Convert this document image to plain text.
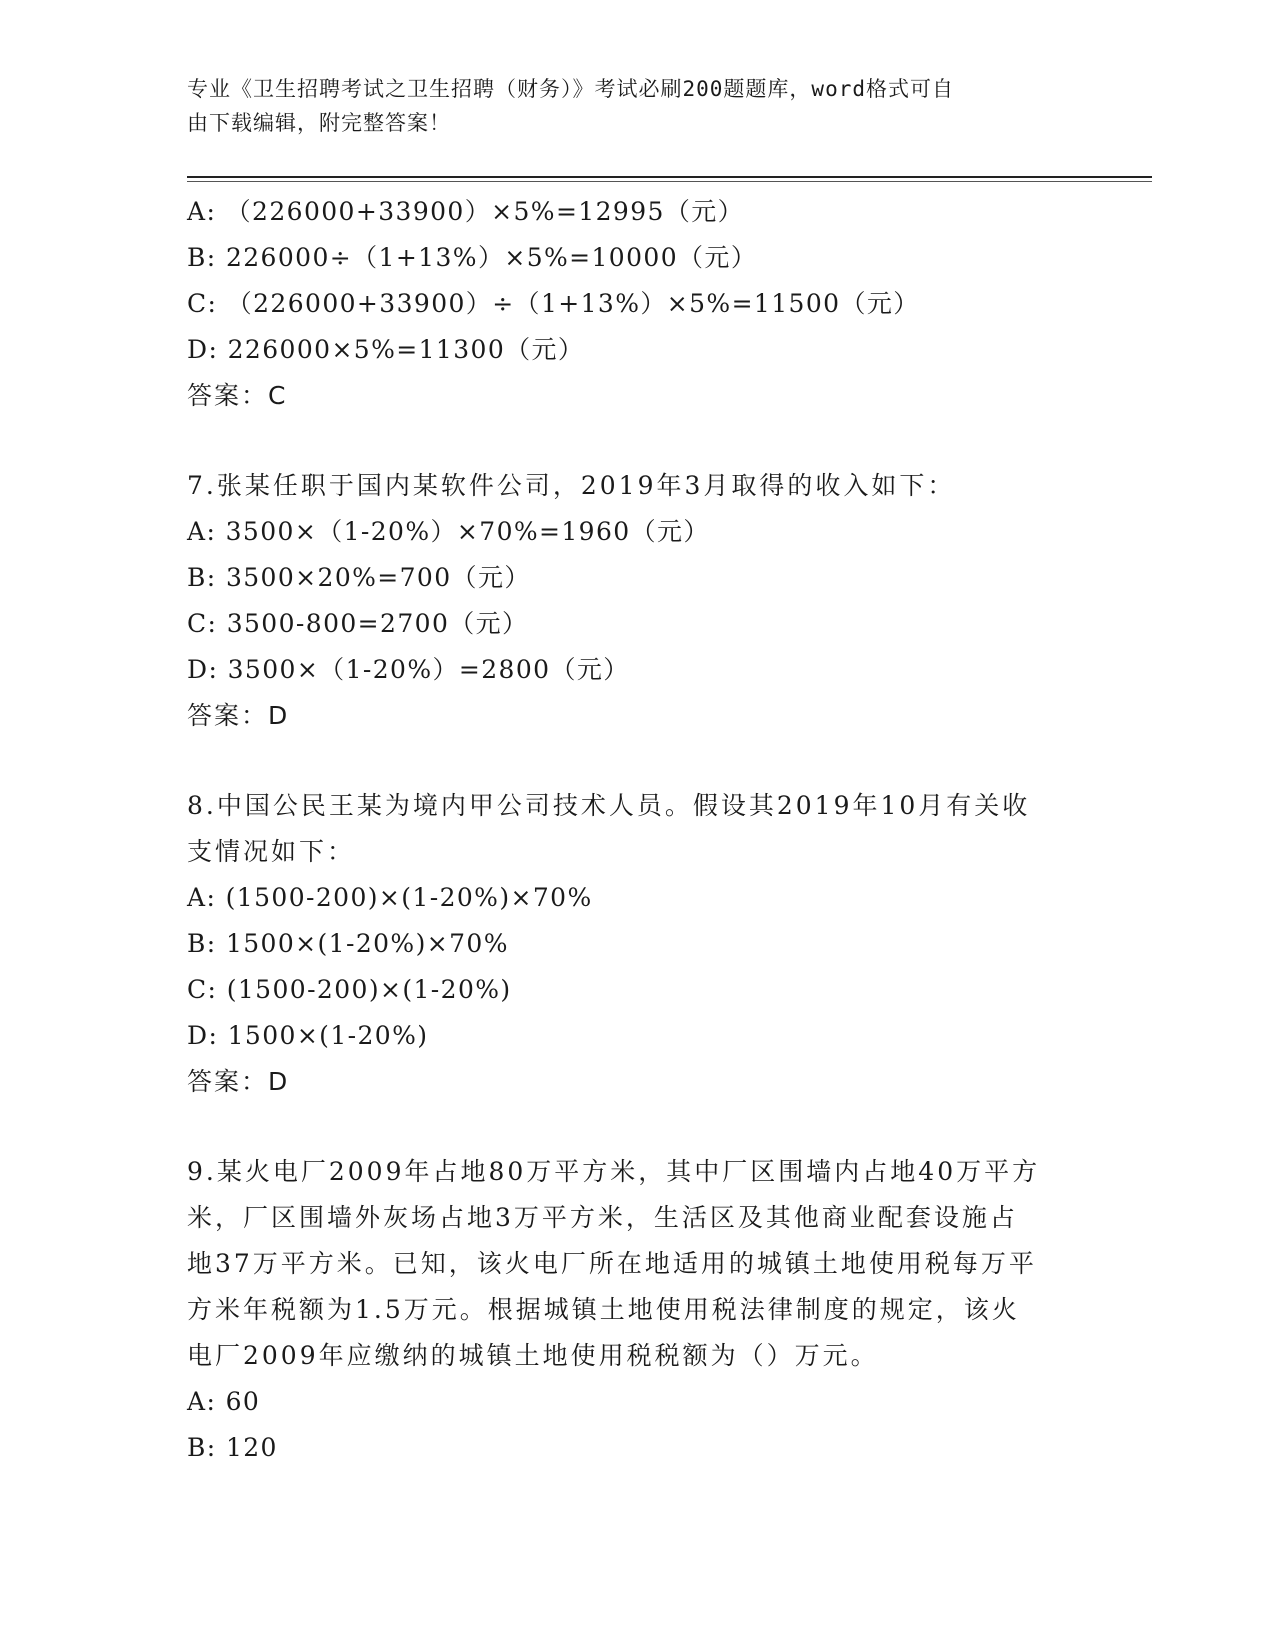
专业《卫生招聘考试之卫生招聘（财务）》考试必刷200题题库，word格式可自
由下载编辑，附完整答案！
A: （226000+33900）×5%=12995（元）
B: 226000÷（1+13%）×5%=10000（元）
C: （226000+33900）÷（1+13%）×5%=11500（元）
D: 226000×5%=11300（元）
答案：C
7.张某任职于国内某软件公司，2019年3月取得的收入如下：
A: 3500×（1-20%）×70%=1960（元）
B: 3500×20%=700（元）
C: 3500-800=2700（元）
D: 3500×（1-20%）=2800（元）
答案：D
8.中国公民王某为境内甲公司技术人员。假设其2019年10月有关收
支情况如下：
A: (1500-200)×(1-20%)×70%
B: 1500×(1-20%)×70%
C: (1500-200)×(1-20%)
D: 1500×(1-20%)
答案：D
9.某火电厂2009年占地80万平方米，其中厂区围墙内占地40万平方
米，厂区围墙外灰场占地3万平方米，生活区及其他商业配套设施占
地37万平方米。已知，该火电厂所在地适用的城镇土地使用税每万平
方米年税额为1.5万元。根据城镇土地使用税法律制度的规定，该火
电厂2009年应缴纳的城镇土地使用税税额为（）万元。
A: 60
B: 120
